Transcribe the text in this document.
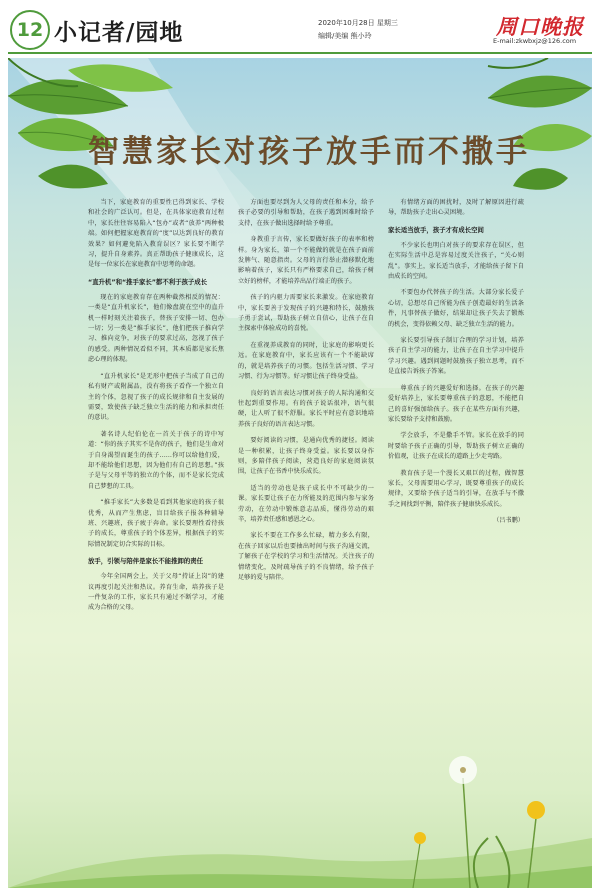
12 小记者/园地	2020年10月28日 星期三
编辑/美编 熊小玲	周口晚报
E-mail:zkwbxjz@126.com
智慧家长对孩子放手而不撒手

当下，家庭教育的重要性已得到家长、学校和社会的广泛认可。但是，在具体家庭教育过程中，家长往往容易陷入“包办”或者“放养”两种极端。如何把握家庭教育的“度”以达到良好的教育效果？如何避免陷入教育误区？家长要不断学习，提升自身素养。真正帮助孩子健康成长，这是每一位家长在家庭教育中思考的命题。

“直升机”和“推手家长”都不利于孩子成长

现在的家庭教育存在两种截然相反的情况：一类是“直升机家长”，他们像盘旋在空中的直升机一样时刻关注着孩子，替孩子安排一切、包办一切；另一类是“推手家长”，他们把孩子推向学习、推向竞争，对孩子的要求过高，忽视了孩子的感受。两种情况看似不同，其本质都是家长焦虑心理的体现。

“直升机家长”是无形中把孩子当成了自己的私有财产或附属品，没有将孩子看作一个独立自主的个体，忽视了孩子的成长规律和自主发展的需要，致使孩子缺乏独立生活的能力和承担责任的意识。

著名诗人纪伯伦在一首关于孩子的诗中写道：“你的孩子其实不是你的孩子，他们是生命对于自身渴望而诞生的孩子……你可以给他们爱，却不能给他们思想，因为他们有自己的思想。”孩子是与父母平等的独立的个体，而不是家长完成自己梦想的工具。

“推手家长”大多数是看到其他家庭的孩子很优秀，从而产生焦虑，盲目给孩子报各种辅导班、兴趣班，孩子疲于奔命。家长要理性看待孩子的成长，尊重孩子的个体差异，根据孩子的实际情况制定切合实际的目标。

放手，引领与陪伴是家长不能推卸的责任

今年全国两会上，关于父母“持证上岗”的建议再度引起关注和热议。养育生命，培养孩子是一件复杂的工作，家长只有通过不断学习，才能成为合格的父母。

方面也要尽到为人父母的责任和本分，给予孩子必要的引导和帮助，在孩子遇到困难时给予支持，在孩子做出选择时给予尊重。

身教重于言传，家长要做好孩子的表率和榜样。身为家长，第一个不能做的就是在孩子面前发脾气、随意指责。父母的言行举止潜移默化地影响着孩子，家长只有严格要求自己，给孩子树立好的榜样，才能培养出品行端正的孩子。

孩子的内驱力需要家长来激发。在家庭教育中，家长要善于发现孩子的兴趣和特长，鼓励孩子勇于尝试，帮助孩子树立自信心，让孩子在自主探索中体验成功的喜悦。

在重视养成教育的同时，让家庭的影响更长远。在家庭教育中，家长应该有一个不能缺席的，就是培养孩子的习惯。包括生活习惯、学习习惯、行为习惯等。好习惯让孩子终身受益。

良好的语言表达习惯对孩子的人际沟通和交往起到重要作用。有的孩子说话很冲，语气很硬，让人听了很不舒服。家长平时应有意识地培养孩子良好的语言表达习惯。

要好阅读的习惯，是通向优秀的捷径。阅读是一种积累，让孩子终身受益。家长要以身作则，多陪伴孩子阅读，营造良好的家庭阅读氛围，让孩子在书香中快乐成长。

适当的劳动也是孩子成长中不可缺少的一课。家长要让孩子在力所能及的范围内参与家务劳动，在劳动中锻炼意志品质，懂得劳动的艰辛，培养责任感和感恩之心。

家长不要在工作多么忙碌，精力多么有限，在孩子回家以后也要抽出时间与孩子沟通交流，了解孩子在学校的学习和生活情况。关注孩子的情绪变化，及时疏导孩子的不良情绪，给予孩子足够的爱与陪伴。

有情绪方面的困扰时，及时了解原因进行疏导，帮助孩子走出心灵困境。

家长适当放手，孩子才有成长空间

不少家长也明白对孩子的要求存在误区，但在实际生活中总是容易过度关注孩子，“关心则乱”。事实上，家长适当放手，才能给孩子留下自由成长的空间。

不要包办代替孩子的生活。大部分家长爱子心切，总想尽自己所能为孩子创造最好的生活条件，凡事替孩子做好，结果却让孩子失去了锻炼的机会，变得依赖父母、缺乏独立生活的能力。

家长要引导孩子制订合理的学习计划，培养孩子自主学习的能力，让孩子在自主学习中提升学习兴趣。遇到问题时鼓励孩子独立思考，而不是直接告诉孩子答案。

尊重孩子的兴趣爱好和选择。在孩子的兴趣爱好培养上，家长要尊重孩子的意愿，不能把自己的喜好强加给孩子。孩子在某些方面有兴趣，家长要给予支持和鼓励。

学会放手，不是撒手不管。家长在放手的同时要给予孩子正确的引导，帮助孩子树立正确的价值观，让孩子在成长的道路上少走弯路。

教育孩子是一个漫长又艰巨的过程，做智慧家长，父母需要用心学习，既要尊重孩子的成长规律，又要给予孩子适当的引导，在放手与不撒手之间找到平衡，陪伴孩子健康快乐成长。

（吕书鹏）
